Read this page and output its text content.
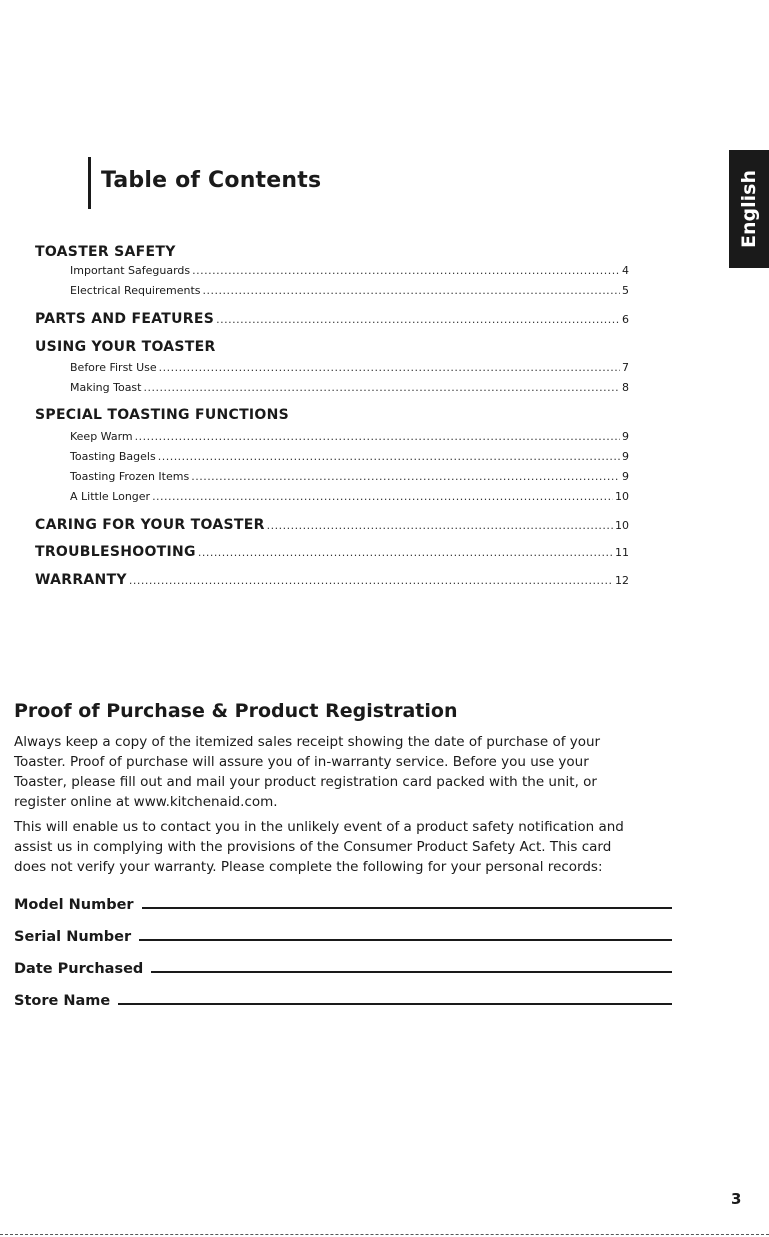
Table of Contents	English
TOASTER SAFETY
Important Safeguards .....	4
Electrical Requirements .....	5
PARTS AND FEATURES .....	6
USING YOUR TOASTER
Before First Use .....	7
Making Toast .....	8
SPECIAL TOASTING FUNCTIONS
Keep Warm .....	9
Toasting Bagels .....	9
Toasting Frozen Items .....	9
A Little Longer .....	10
CARING FOR YOUR TOASTER .....	10
TROUBLESHOOTING .....	11
WARRANTY .....	12
Proof of Purchase & Product Registration
Always keep a copy of the itemized sales receipt showing the date of purchase of your
Toaster. Proof of purchase will assure you of in-warranty service. Before you use your
Toaster, please fill out and mail your product registration card packed with the unit, or
register online at www.kitchenaid.com.
This will enable us to contact you in the unlikely event of a product safety notification and
assist us in complying with the provisions of the Consumer Product Safety Act. This card
does not verify your warranty. Please complete the following for your personal records:
Model Number
Serial Number
Date Purchased
Store Name
3
